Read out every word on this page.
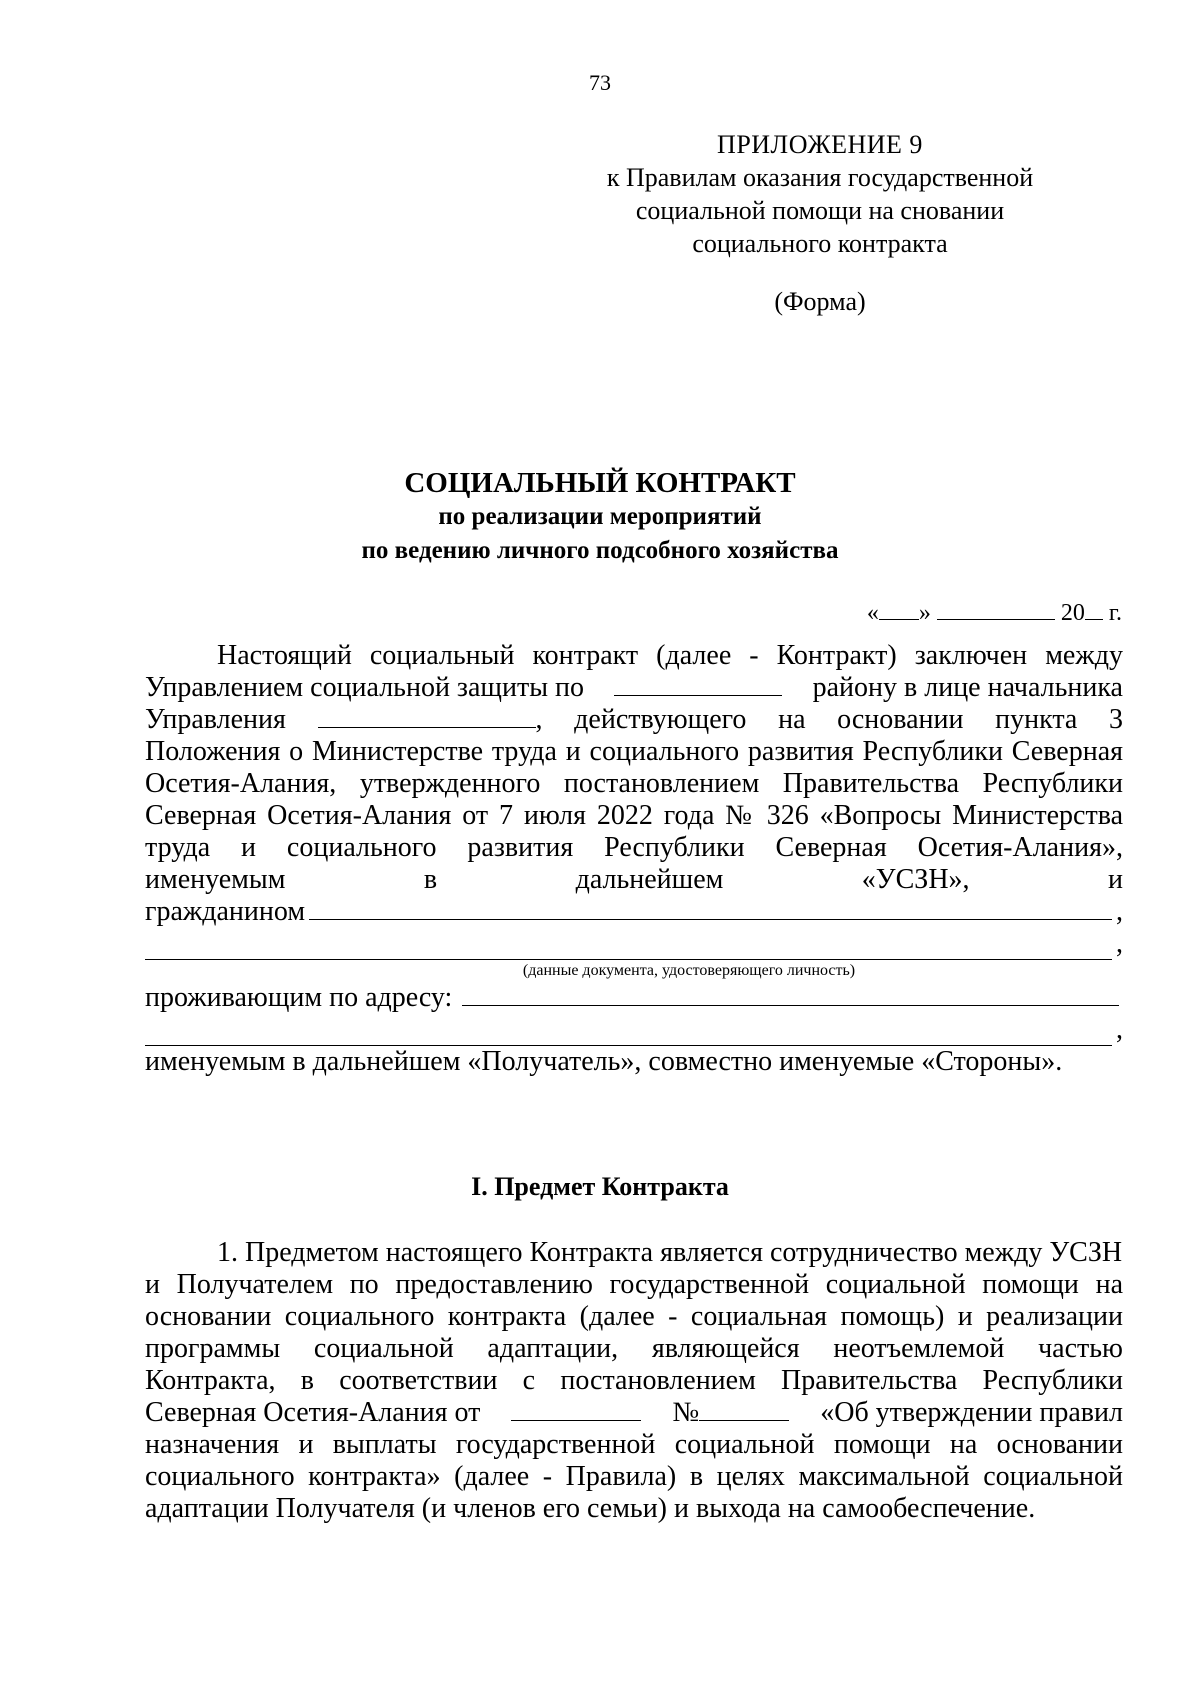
73
ПРИЛОЖЕНИЕ 9
к Правилам оказания государственной
социальной помощи на сновании
социального контракта
(Форма)
СОЦИАЛЬНЫЙ КОНТРАКТ
по реализации мероприятий
по ведению личного подсобного хозяйства
« »	20 г.
Настоящий социальный контракт (далее - Контракт) заключен между
Управлением социальной защиты по	району в лице начальника
Управления	, действующего на основании пункта 3
Положения о Министерстве труда и социального развития Республики Северная
Осетия-Алания, утвержденного постановлением Правительства Республики
Северная Осетия-Алания от 7 июля 2022 года № 326 «Вопросы Министерства
труда и социального развития Республики Северная Осетия-Алания»,
именуемым	в	дальнейшем	«УСЗН»,	и
гражданином	,
,
(данные документа, удостоверяющего личность)
проживающим по адресу:
,
именуемым в дальнейшем «Получатель», совместно именуемые «Стороны».
I. Предмет Контракта
1. Предметом настоящего Контракта является сотрудничество между УСЗН
и Получателем по предоставлению государственной социальной помощи на
основании социального контракта (далее - социальная помощь) и реализации
программы социальной адаптации, являющейся неотъемлемой частью
Контракта, в соответствии с постановлением Правительства Республики
Северная Осетия-Алания от	№	«Об утверждении правил
назначения и выплаты государственной социальной помощи на основании
социального контракта» (далее - Правила) в целях максимальной социальной
адаптации Получателя (и членов его семьи) и выхода на самообеспечение.
